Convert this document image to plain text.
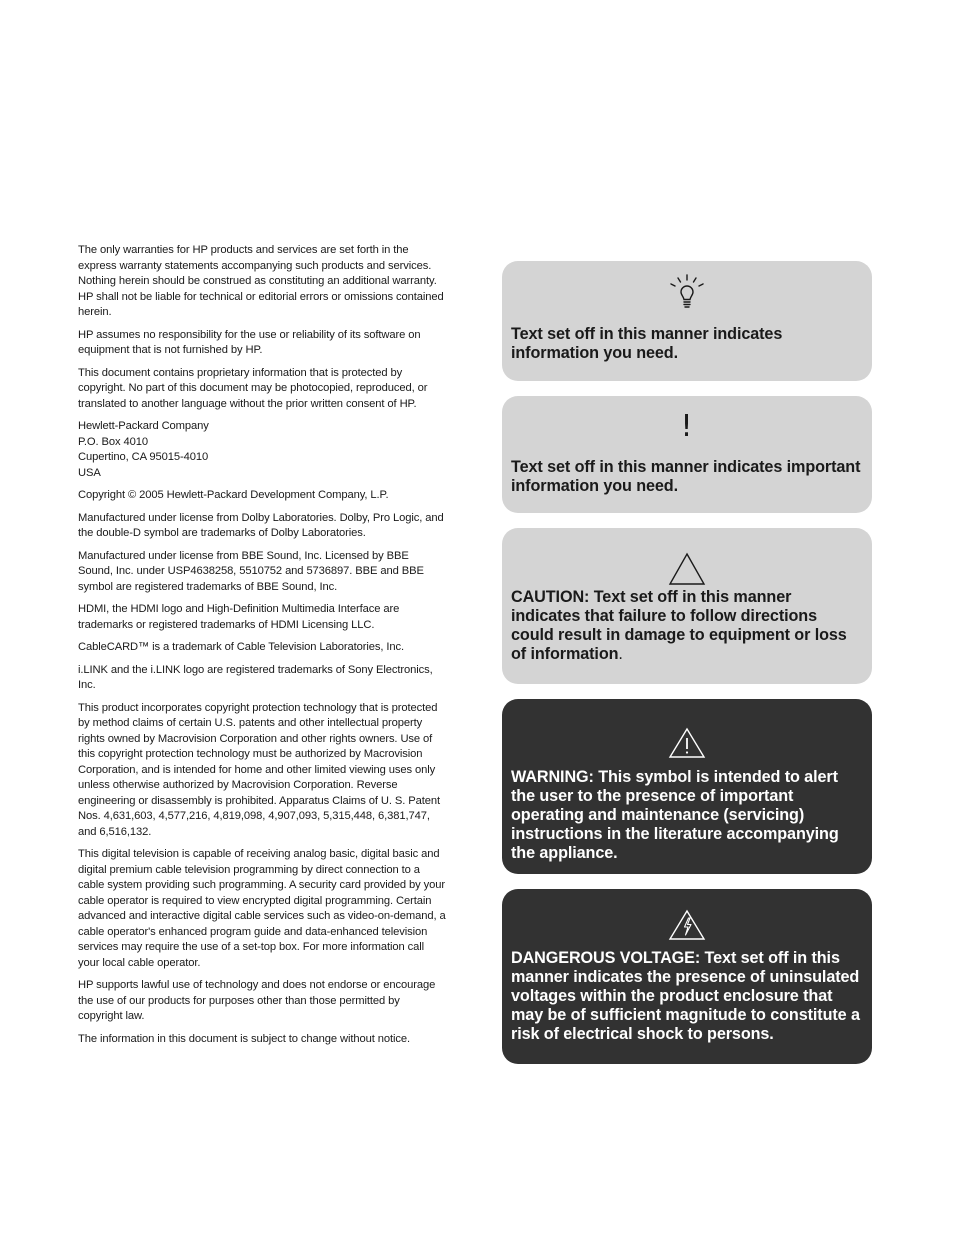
The only warranties for HP products and services are set forth in the express warranty statements accompanying such products and services. Nothing herein should be construed as constituting an additional warranty. HP shall not be liable for technical or editorial errors or omissions contained herein.

HP assumes no responsibility for the use or reliability of its software on equipment that is not furnished by HP.

This document contains proprietary information that is protected by copyright. No part of this document may be photocopied, reproduced, or translated to another language without the prior written consent of HP.

Hewlett-Packard Company
P.O. Box 4010
Cupertino, CA 95015-4010
USA

Copyright © 2005 Hewlett-Packard Development Company, L.P.

Manufactured under license from Dolby Laboratories. Dolby, Pro Logic, and the double-D symbol are trademarks of Dolby Laboratories.

Manufactured under license from BBE Sound, Inc. Licensed by BBE Sound, Inc. under USP4638258, 5510752 and 5736897. BBE and BBE symbol are registered trademarks of BBE Sound, Inc.

HDMI, the HDMI logo and High-Definition Multimedia Interface are trademarks or registered trademarks of HDMI Licensing LLC.

CableCARD™ is a trademark of Cable Television Laboratories, Inc.

i.LINK and the i.LINK logo are registered trademarks of Sony Electronics, Inc.

This product incorporates copyright protection technology that is protected by method claims of certain U.S. patents and other intellectual property rights owned by Macrovision Corporation and other rights owners. Use of this copyright protection technology must be authorized by Macrovision Corporation, and is intended for home and other limited viewing uses only unless otherwise authorized by Macrovision Corporation. Reverse engineering or disassembly is prohibited. Apparatus Claims of U. S. Patent Nos. 4,631,603, 4,577,216, 4,819,098, 4,907,093, 5,315,448, 6,381,747, and 6,516,132.

This digital television is capable of receiving analog basic, digital basic and digital premium cable television programming by direct connection to a cable system providing such programming. A security card provided by your cable operator is required to view encrypted digital programming. Certain advanced and interactive digital cable services such as video-on-demand, a cable operator's enhanced program guide and data-enhanced television services may require the use of a set-top box. For more information call your local cable operator.

HP supports lawful use of technology and does not endorse or encourage the use of our products for purposes other than those permitted by copyright law.

The information in this document is subject to change without notice.

Text set off in this manner indicates information you need.
!
Text set off in this manner indicates important information you need.
CAUTION: Text set off in this manner indicates that failure to follow directions could result in damage to equipment or loss of information.
WARNING: This symbol is intended to alert the user to the presence of important operating and maintenance (servicing) instructions in the literature accompanying the appliance.
DANGEROUS VOLTAGE: Text set off in this manner indicates the presence of uninsulated voltages within the product enclosure that may be of sufficient magnitude to constitute a risk of electrical shock to persons.
